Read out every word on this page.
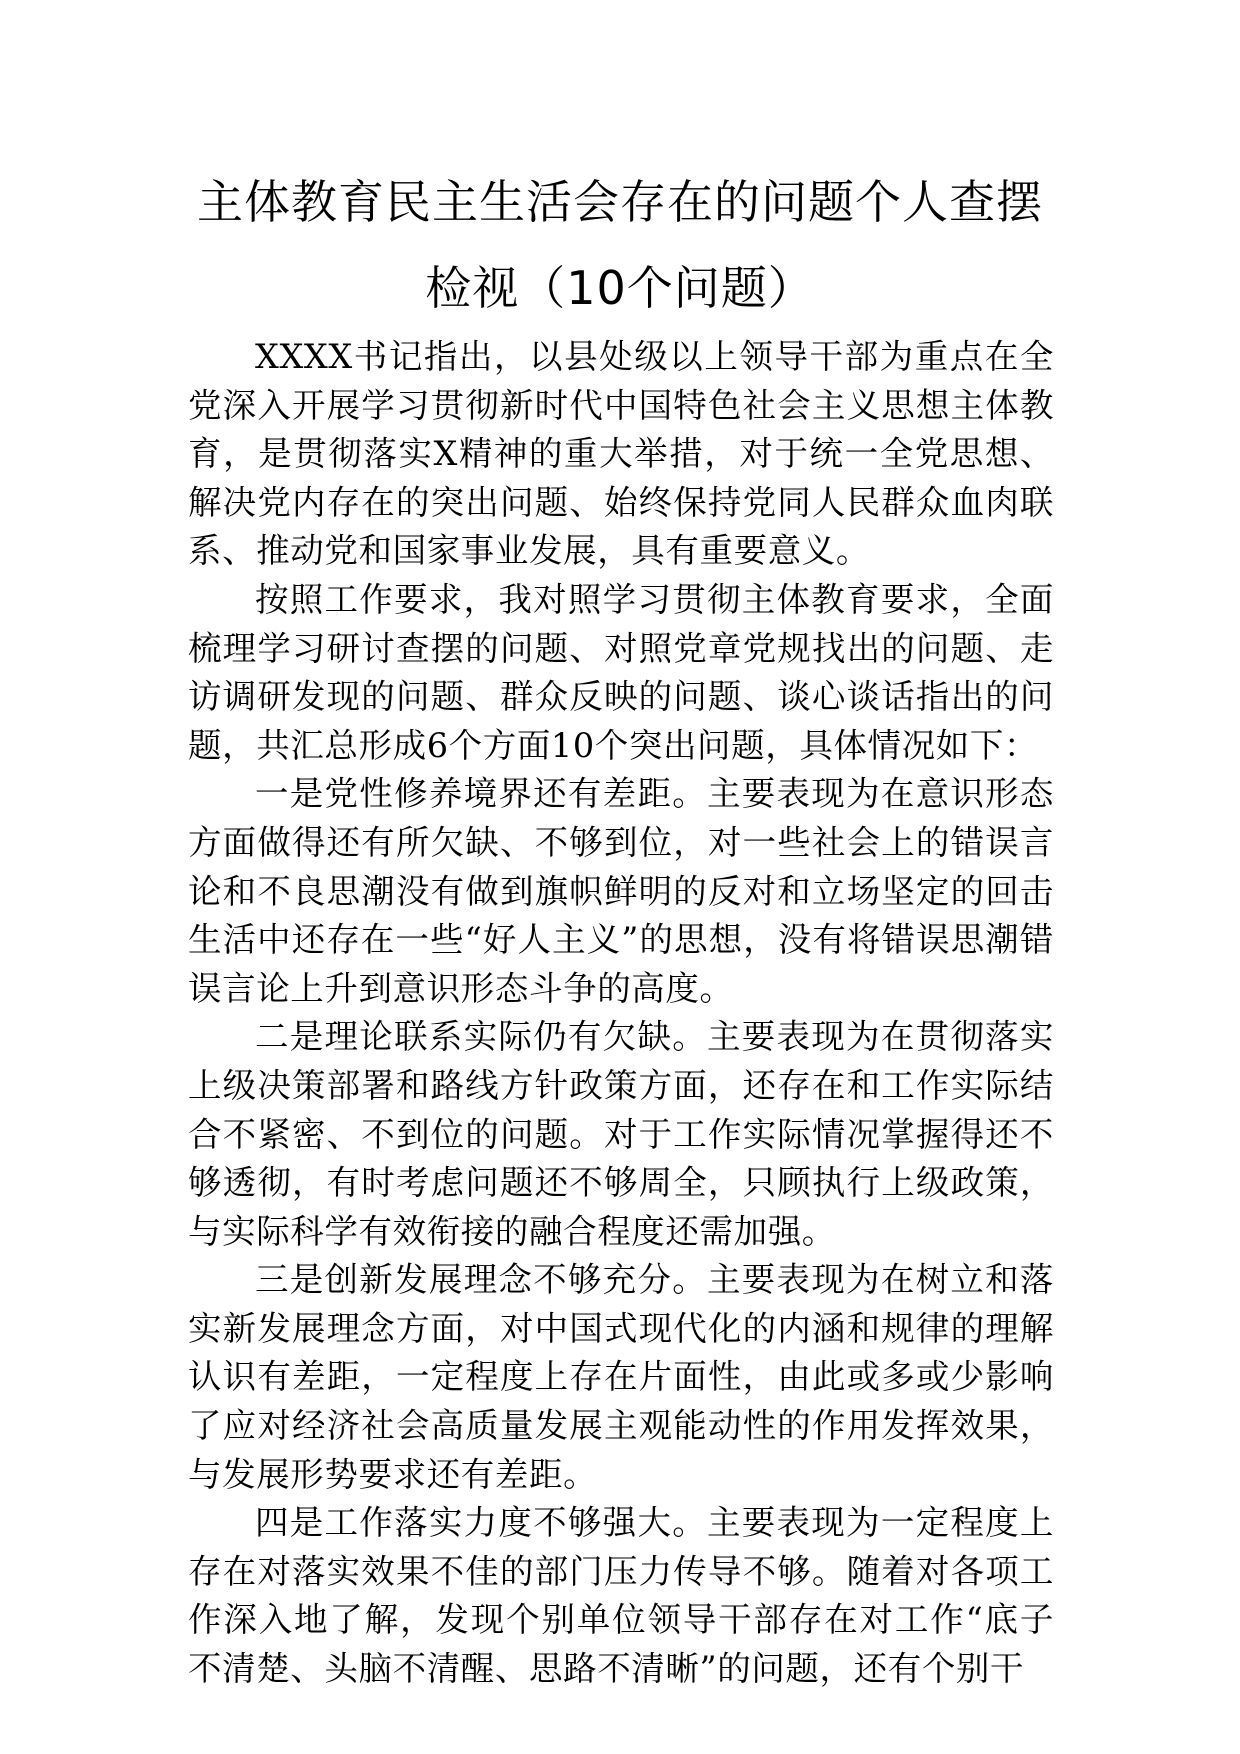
主体教育民主生活会存在的问题个人查摆
检视（10个问题）

XXXX书记指出，以县处级以上领导干部为重点在全党深入开展学习贯彻新时代中国特色社会主义思想主体教育，是贯彻落实X精神的重大举措，对于统一全党思想、解决党内存在的突出问题、始终保持党同人民群众血肉联系、推动党和国家事业发展，具有重要意义。

按照工作要求，我对照学习贯彻主体教育要求，全面梳理学习研讨查摆的问题、对照党章党规找出的问题、走访调研发现的问题、群众反映的问题、谈心谈话指出的问题，共汇总形成6个方面10个突出问题，具体情况如下：

一是党性修养境界还有差距。主要表现为在意识形态方面做得还有所欠缺、不够到位，对一些社会上的错误言论和不良思潮没有做到旗帜鲜明的反对和立场坚定的回击生活中还存在一些“好人主义”的思想，没有将错误思潮错误言论上升到意识形态斗争的高度。

二是理论联系实际仍有欠缺。主要表现为在贯彻落实上级决策部署和路线方针政策方面，还存在和工作实际结合不紧密、不到位的问题。对于工作实际情况掌握得还不够透彻，有时考虑问题还不够周全，只顾执行上级政策，与实际科学有效衔接的融合程度还需加强。

三是创新发展理念不够充分。主要表现为在树立和落实新发展理念方面，对中国式现代化的内涵和规律的理解认识有差距，一定程度上存在片面性，由此或多或少影响了应对经济社会高质量发展主观能动性的作用发挥效果，与发展形势要求还有差距。

四是工作落实力度不够强大。主要表现为一定程度上存在对落实效果不佳的部门压力传导不够。随着对各项工作深入地了解，发现个别单位领导干部存在对工作“底子不清楚、头脑不清醒、思路不清晰”的问题，还有个别干
